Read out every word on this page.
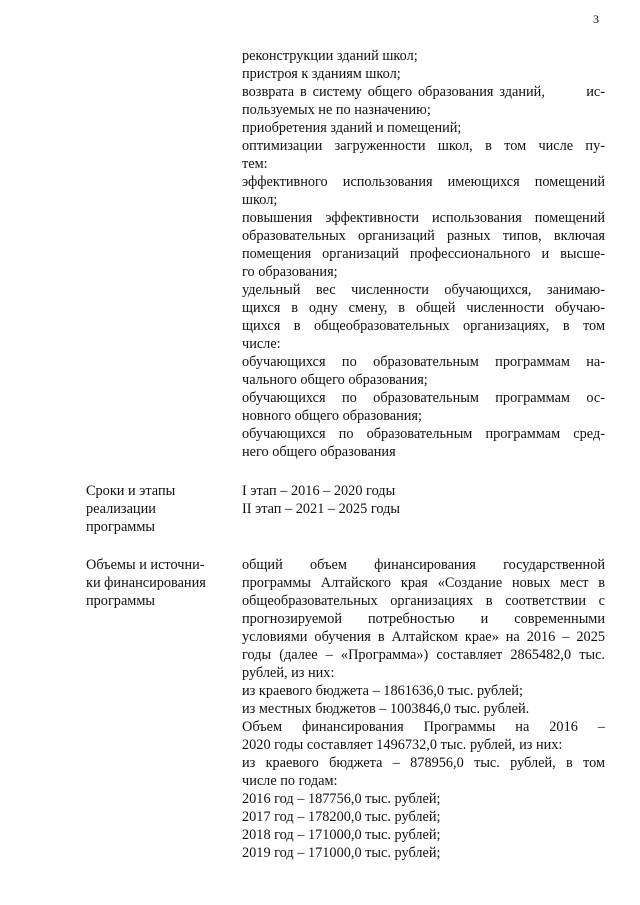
3
реконструкции зданий школ;
пристроя к зданиям школ;
возврата в систему общего образования зданий,       ис-
пользуемых не по назначению;
приобретения зданий и помещений;
оптимизации загруженности школ, в том числе пу-
тем:
эффективного использования имеющихся помещений
школ;
повышения эффективности использования помещений
образовательных организаций разных типов, включая
помещения организаций профессионального и высше-
го образования;
удельный вес численности обучающихся, занимаю-
щихся в одну смену, в общей численности обучаю-
щихся в общеобразовательных организациях, в том
числе:
обучающихся по образовательным программам на-
чального общего образования;
обучающихся по образовательным программам ос-
новного общего образования;
обучающихся по образовательным программам сред-
него общего образования
Сроки и этапы
реализации
программы
I этап – 2016 – 2020 годы
II этап – 2021 – 2025 годы
Объемы и источни-
ки финансирования
программы
общий объем финансирования государственной
программы Алтайского края «Создание новых мест в
общеобразовательных организациях в соответствии с
прогнозируемой потребностью и современными
условиями обучения в Алтайском крае» на 2016 – 2025
годы (далее – «Программа») составляет 2865482,0 тыс.
рублей, из них:
из краевого бюджета – 1861636,0 тыс. рублей;
из местных бюджетов – 1003846,0 тыс. рублей.
Объем финансирования Программы на 2016 –
2020 годы составляет 1496732,0 тыс. рублей, из них:
из краевого бюджета – 878956,0 тыс. рублей, в том
числе по годам:
2016 год – 187756,0 тыс. рублей;
2017 год – 178200,0 тыс. рублей;
2018 год – 171000,0 тыс. рублей;
2019 год – 171000,0 тыс. рублей;
